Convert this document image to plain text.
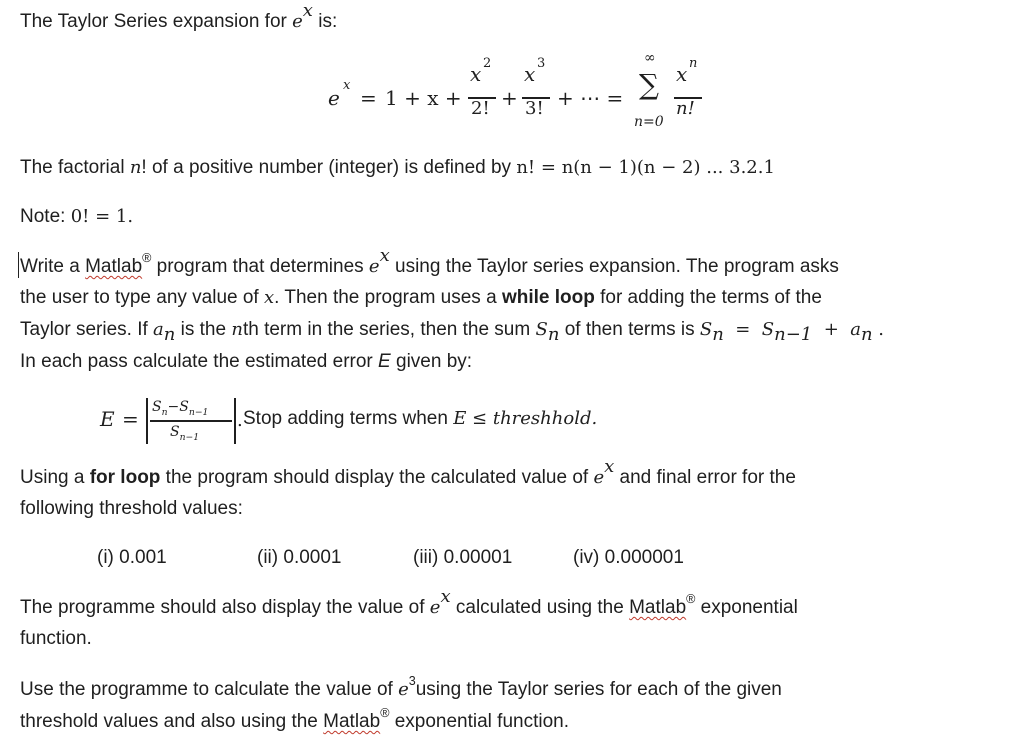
The Taylor Series expansion for $e^x$ is:
e
x
= 1 + x +
x 2
2! +
x 3
3! + ⋯ =
∞
∑
n=0
x n
n!
The factorial n! of a positive number (integer) is defined by n! = n(n − 1)(n − 2) ... 3.2.1
Note: 0! = 1.
Write a Matlab® program that determines $e^x$ using the Taylor series expansion. The program asks
the user to type any value of x. Then the program uses a while loop for adding the terms of the
Taylor series. If $a_n$ is the nth term in the series, then the sum $S_n$ of then terms is $S_n = S_{n-1} + a_n$ .
In each pass calculate the estimated error E given by:
$E = S_n-S_{n-1}$
$S_{n-1}$
. Stop adding terms when E ≤ threshhold.
Using a for loop the program should display the calculated value of $e^x$ and final error for the
following threshold values:
(i) 0.001	(ii) 0.0001	(iii) 0.00001	(iv) 0.000001
The programme should also display the value of $e^x$ calculated using the Matlab® exponential
function.
Use the programme to calculate the value of $e^3using$ the Taylor series for each of the given
threshold values and also using the Matlab® exponential function.
